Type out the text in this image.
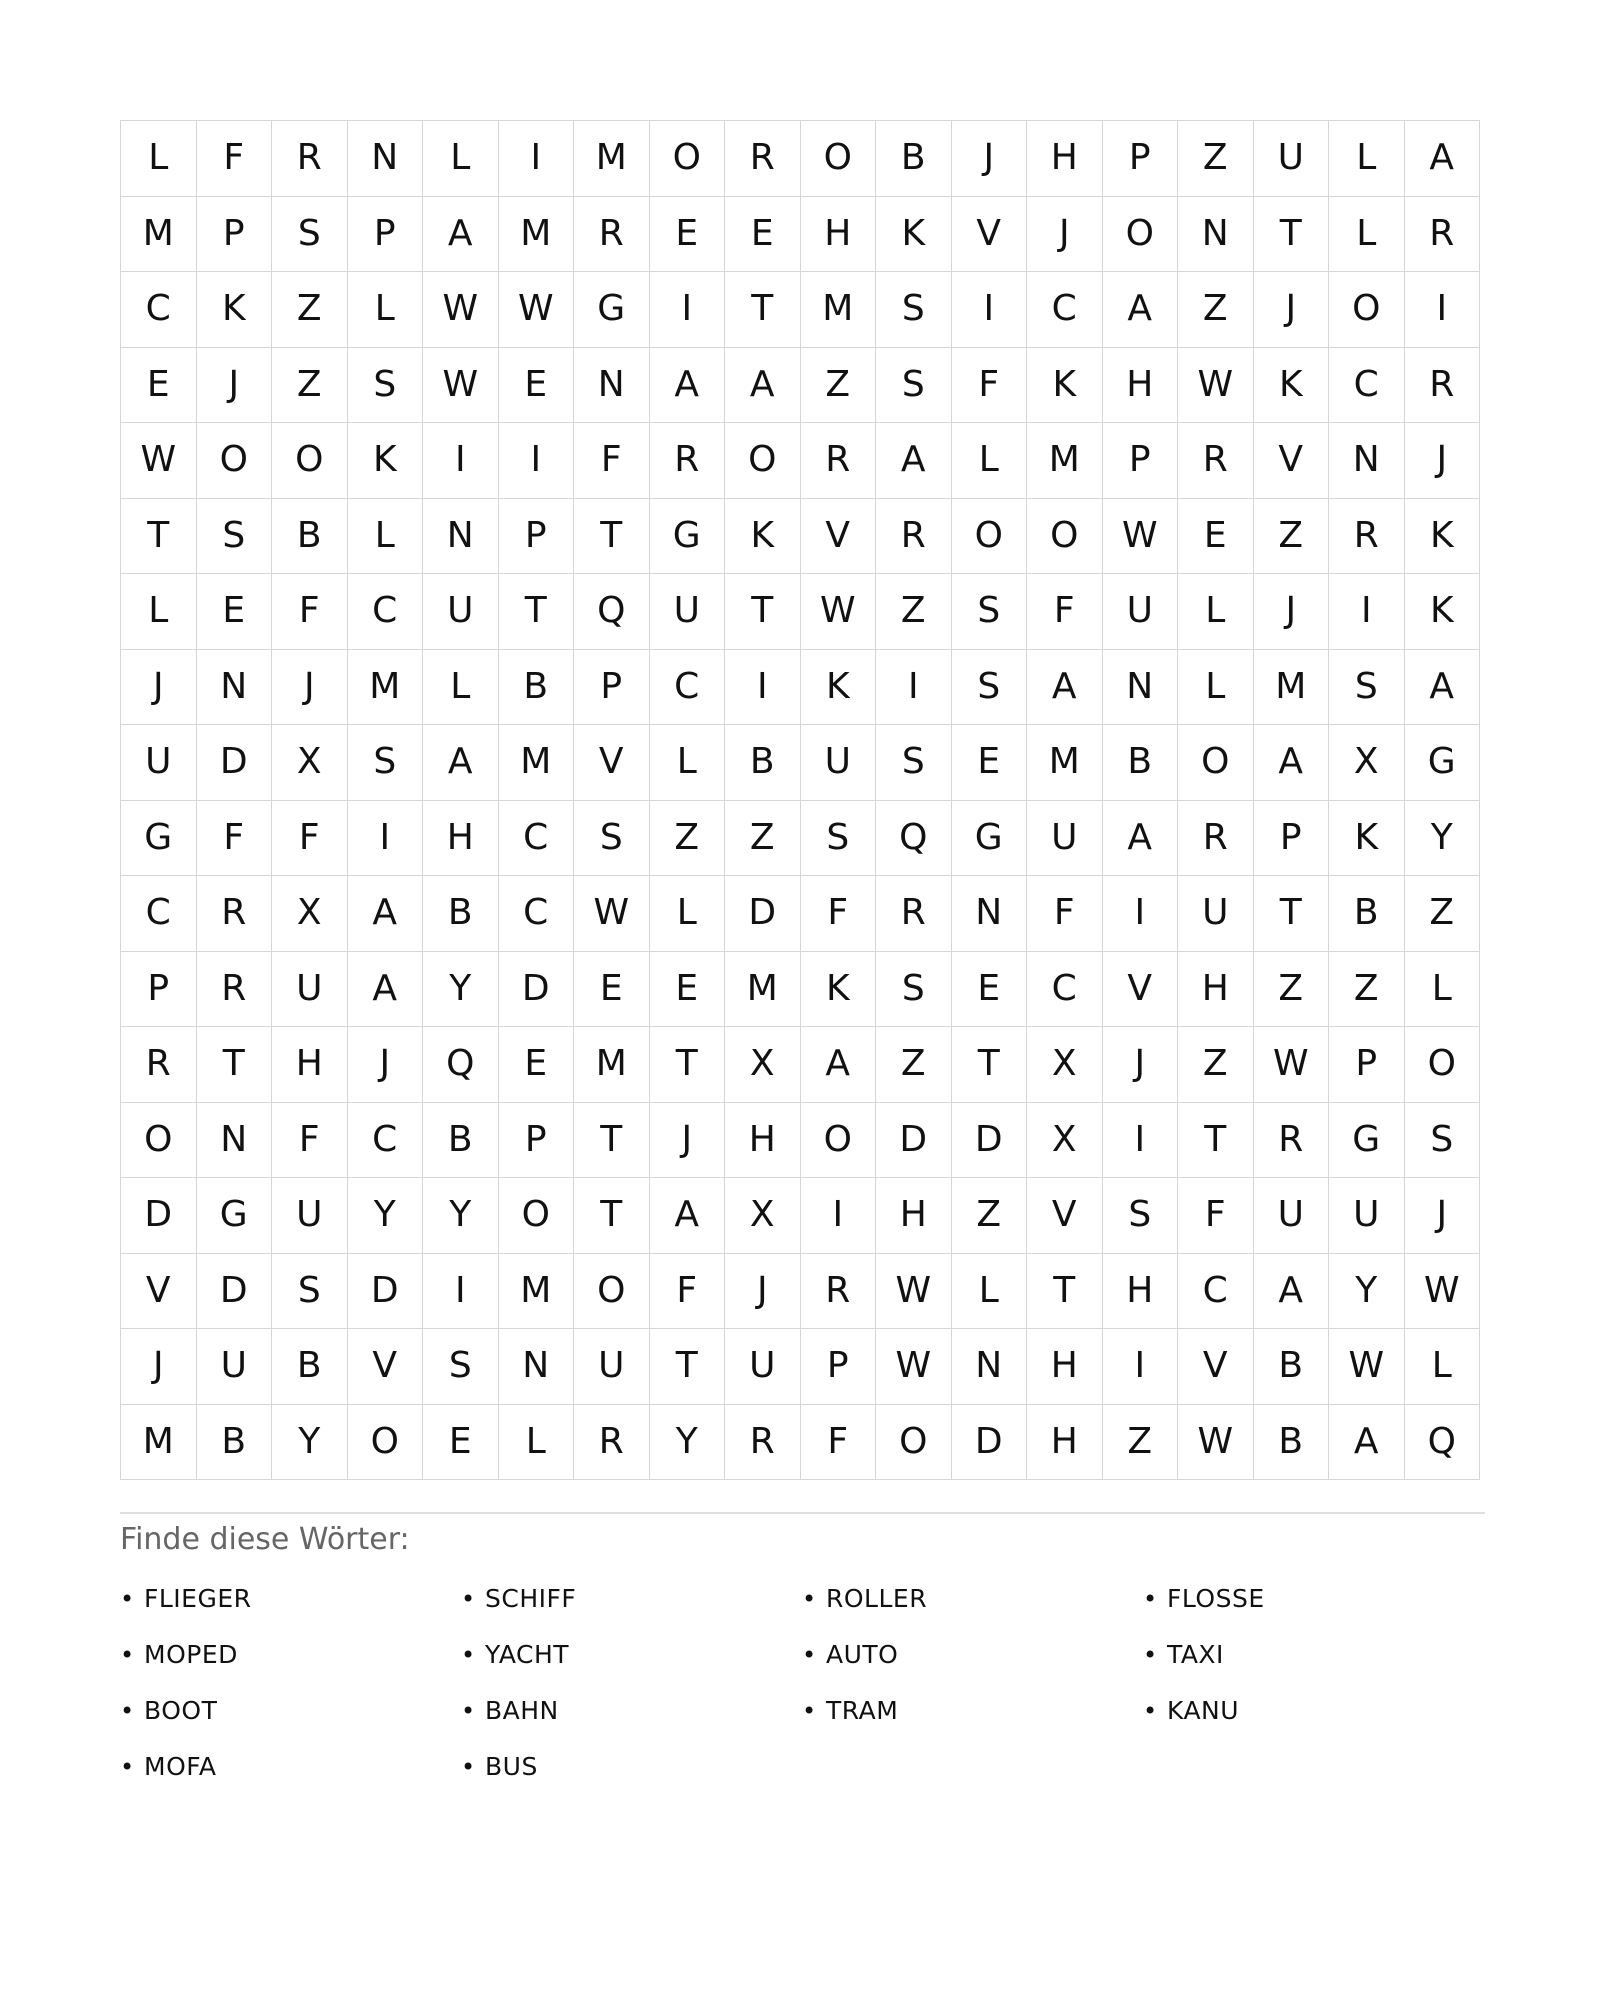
L	F	R	N	L	I	M	O	R	O	B	J	H	P	Z	U	L	A
M	P	S	P	A	M	R	E	E	H	K	V	J	O	N	T	L	R
C	K	Z	L	W	W	G	I	T	M	S	I	C	A	Z	J	O	I
E	J	Z	S	W	E	N	A	A	Z	S	F	K	H	W	K	C	R
W	O	O	K	I	I	F	R	O	R	A	L	M	P	R	V	N	J
T	S	B	L	N	P	T	G	K	V	R	O	O	W	E	Z	R	K
L	E	F	C	U	T	Q	U	T	W	Z	S	F	U	L	J	I	K
J	N	J	M	L	B	P	C	I	K	I	S	A	N	L	M	S	A
U	D	X	S	A	M	V	L	B	U	S	E	M	B	O	A	X	G
G	F	F	I	H	C	S	Z	Z	S	Q	G	U	A	R	P	K	Y
C	R	X	A	B	C	W	L	D	F	R	N	F	I	U	T	B	Z
P	R	U	A	Y	D	E	E	M	K	S	E	C	V	H	Z	Z	L
R	T	H	J	Q	E	M	T	X	A	Z	T	X	J	Z	W	P	O
O	N	F	C	B	P	T	J	H	O	D	D	X	I	T	R	G	S
D	G	U	Y	Y	O	T	A	X	I	H	Z	V	S	F	U	U	J
V	D	S	D	I	M	O	F	J	R	W	L	T	H	C	A	Y	W
J	U	B	V	S	N	U	T	U	P	W	N	H	I	V	B	W	L
M	B	Y	O	E	L	R	Y	R	F	O	D	H	Z	W	B	A	Q
Finde diese Wörter:
• FLIEGER	• SCHIFF	• ROLLER	• FLOSSE
• MOPED	• YACHT	• AUTO	• TAXI
• BOOT	• BAHN	• TRAM	• KANU
• MOFA	• BUS
